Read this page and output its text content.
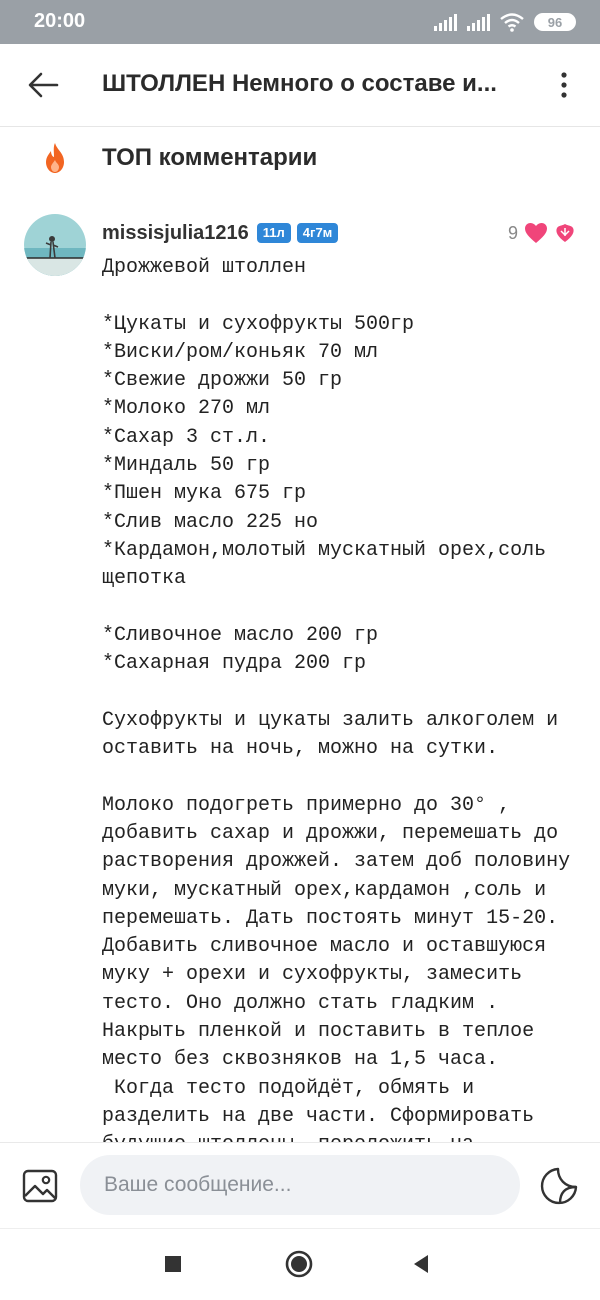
20:00	96
ШТОЛЛЕН Немного о составе и...
ТОП комментарии
missisjulia1216	11л	4г7м	9
Дрожжевой штоллен

*Цукаты и сухофрукты 500гр
*Виски/ром/коньяк 70 мл
*Свежие дрожжи 50 гр
*Молоко 270 мл
*Сахар 3 ст.л.
*Миндаль 50 гр
*Пшен мука 675 гр
*Слив масло 225 но
*Кардамон,молотый мускатный орех,соль щепотка

*Сливочное масло 200 гр
*Сахарная пудра 200 гр

Сухофрукты и цукаты залить алкоголем и оставить на ночь, можно на сутки.

Молоко подогреть примерно до 30° , добавить сахар и дрожжи, перемешать до растворения дрожжей. затем доб половину муки, мускатный орех,кардамон ,соль и перемешать. Дать постоять минут 15-20.
Добавить сливочное масло и оставшуюся муку + орехи и сухофрукты, замесить тесто. Оно должно стать гладким .
Накрыть пленкой и поставить в теплое место без сквозняков на 1,5 часа.
Когда тесто подойдёт, обмять и разделить на две части. Сформировать
Ваше сообщение...
